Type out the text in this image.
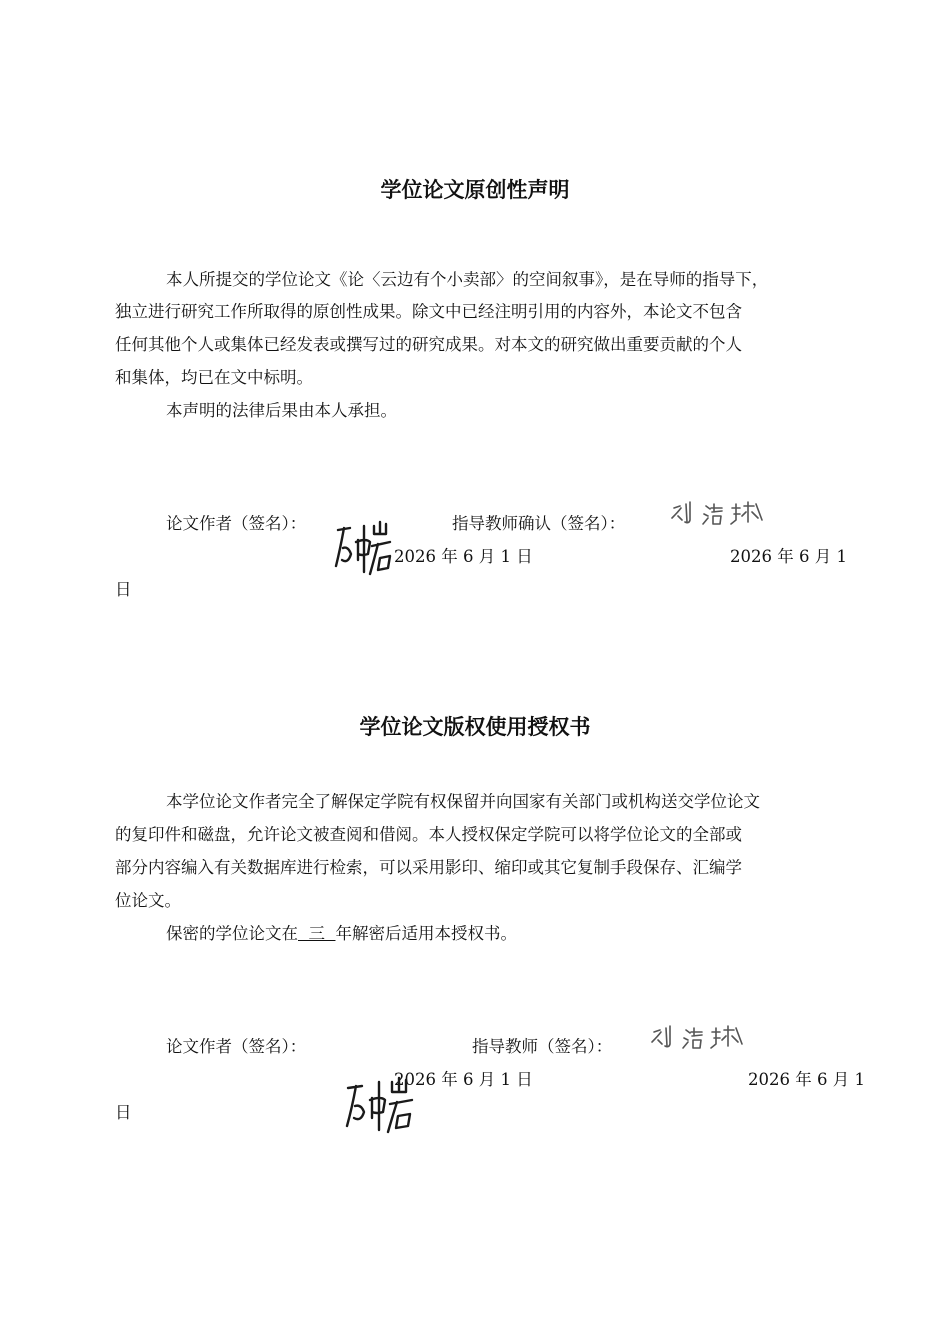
学位论文原创性声明
本人所提交的学位论文《论〈云边有个小卖部〉的空间叙事》，是在导师的指导下，
独立进行研究工作所取得的原创性成果。除文中已经注明引用的内容外，本论文不包含
任何其他个人或集体已经发表或撰写过的研究成果。对本文的研究做出重要贡献的个人
和集体，均已在文中标明。
本声明的法律后果由本人承担。
论文作者（签名）：	指导教师确认（签名）：
2026 年 6 月 1 日	2026 年 6 月 1
日
学位论文版权使用授权书
本学位论文作者完全了解保定学院有权保留并向国家有关部门或机构送交学位论文
的复印件和磁盘，允许论文被查阅和借阅。本人授权保定学院可以将学位论文的全部或
部分内容编入有关数据库进行检索，可以采用影印、缩印或其它复制手段保存、汇编学
位论文。
保密的学位论文在  三  年解密后适用本授权书。
论文作者（签名）：	指导教师（签名）：
2026 年 6 月 1 日	2026 年 6 月 1
日
